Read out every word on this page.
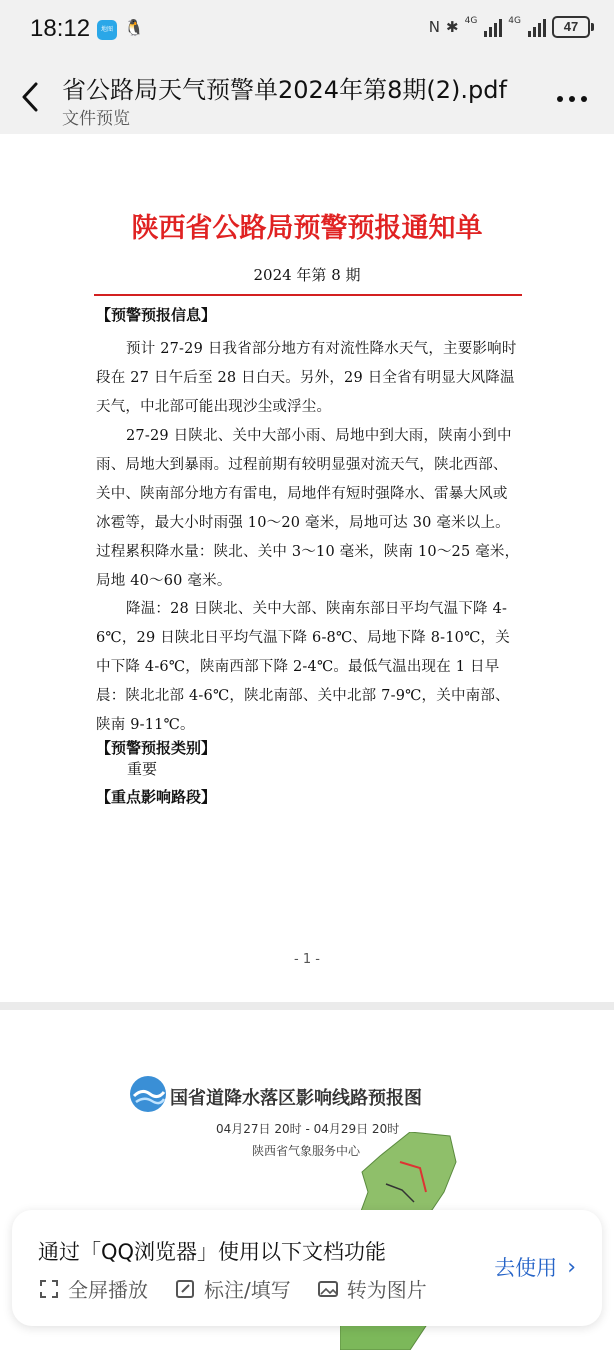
18:12	地图 🐧	N ✱ 4G	4G	47
省公路局天气预警单2024年第8期(2).pdf
文件预览
陕西省公路局预警预报通知单
2024 年第 8 期
【预警预报信息】
预计 27-29 日我省部分地方有对流性降水天气，主要影响时段在 27 日午后至 28 日白天。另外，29 日全省有明显大风降温天气，中北部可能出现沙尘或浮尘。
27-29 日陕北、关中大部小雨、局地中到大雨，陕南小到中雨、局地大到暴雨。过程前期有较明显强对流天气，陕北西部、关中、陕南部分地方有雷电，局地伴有短时强降水、雷暴大风或冰雹等，最大小时雨强 10～20 毫米，局地可达 30 毫米以上。过程累积降水量：陕北、关中 3～10 毫米，陕南 10～25 毫米，局地 40～60 毫米。
降温：28 日陕北、关中大部、陕南东部日平均气温下降 4-6℃，29 日陕北日平均气温下降 6-8℃、局地下降 8-10℃，关中下降 4-6℃，陕南西部下降 2-4℃。最低气温出现在 1 日早晨：陕北北部 4-6℃，陕北南部、关中北部 7-9℃，关中南部、陕南 9-11℃。
【预警预报类别】
重要
【重点影响路段】
- 1 -
国省道降水落区影响线路预报图
04月27日 20时 - 04月29日 20时
陕西省气象服务中心
通过「QQ浏览器」使用以下文档功能
全屏播放	标注/填写	转为图片
去使用 ›
